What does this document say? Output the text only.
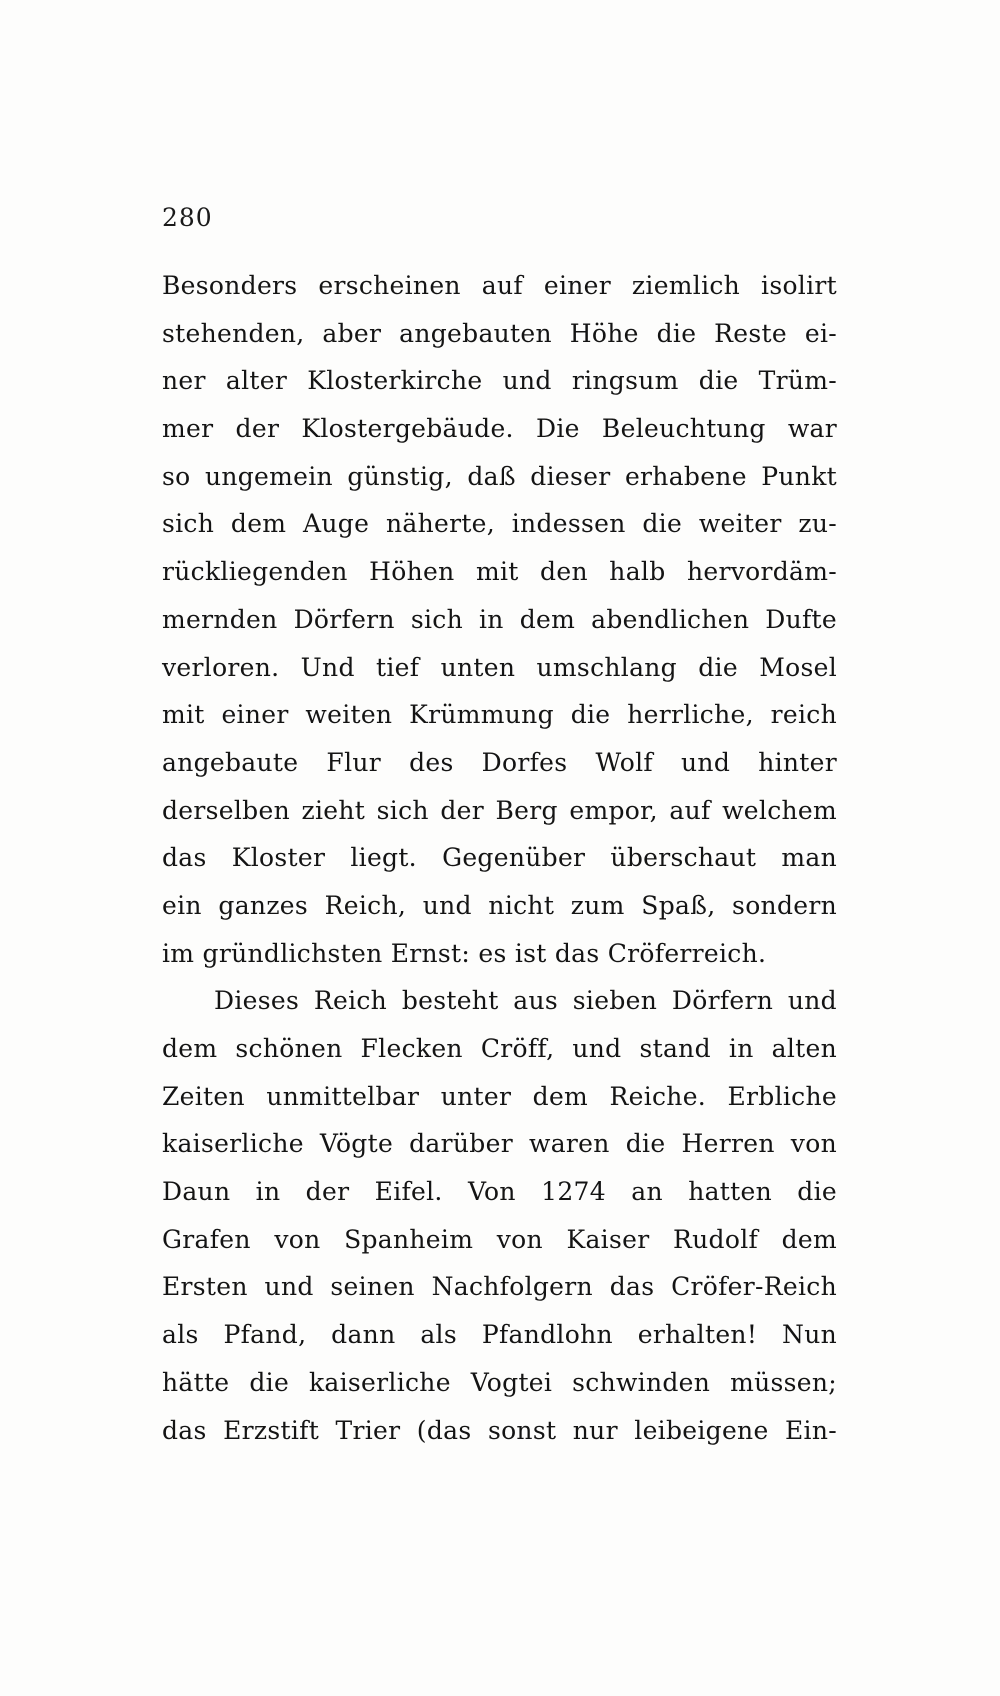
280
Besonders erscheinen auf einer ziemlich isolirt
stehenden, aber angebauten Höhe die Reste ei-
ner alter Klosterkirche und ringsum die Trüm-
mer der Klostergebäude. Die Beleuchtung war
so ungemein günstig, daß dieser erhabene Punkt
sich dem Auge näherte, indessen die weiter zu-
rückliegenden Höhen mit den halb hervordäm-
mernden Dörfern sich in dem abendlichen Dufte
verloren. Und tief unten umschlang die Mosel
mit einer weiten Krümmung die herrliche, reich
angebaute Flur des Dorfes Wolf und hinter
derselben zieht sich der Berg empor, auf welchem
das Kloster liegt. Gegenüber überschaut man
ein ganzes Reich, und nicht zum Spaß, sondern
im gründlichsten Ernst: es ist das Cröferreich.
Dieses Reich besteht aus sieben Dörfern und
dem schönen Flecken Cröff, und stand in alten
Zeiten unmittelbar unter dem Reiche. Erbliche
kaiserliche Vögte darüber waren die Herren von
Daun in der Eifel. Von 1274 an hatten die
Grafen von Spanheim von Kaiser Rudolf dem
Ersten und seinen Nachfolgern das Cröfer-Reich
als Pfand, dann als Pfandlohn erhalten! Nun
hätte die kaiserliche Vogtei schwinden müssen;
das Erzstift Trier (das sonst nur leibeigene Ein-
